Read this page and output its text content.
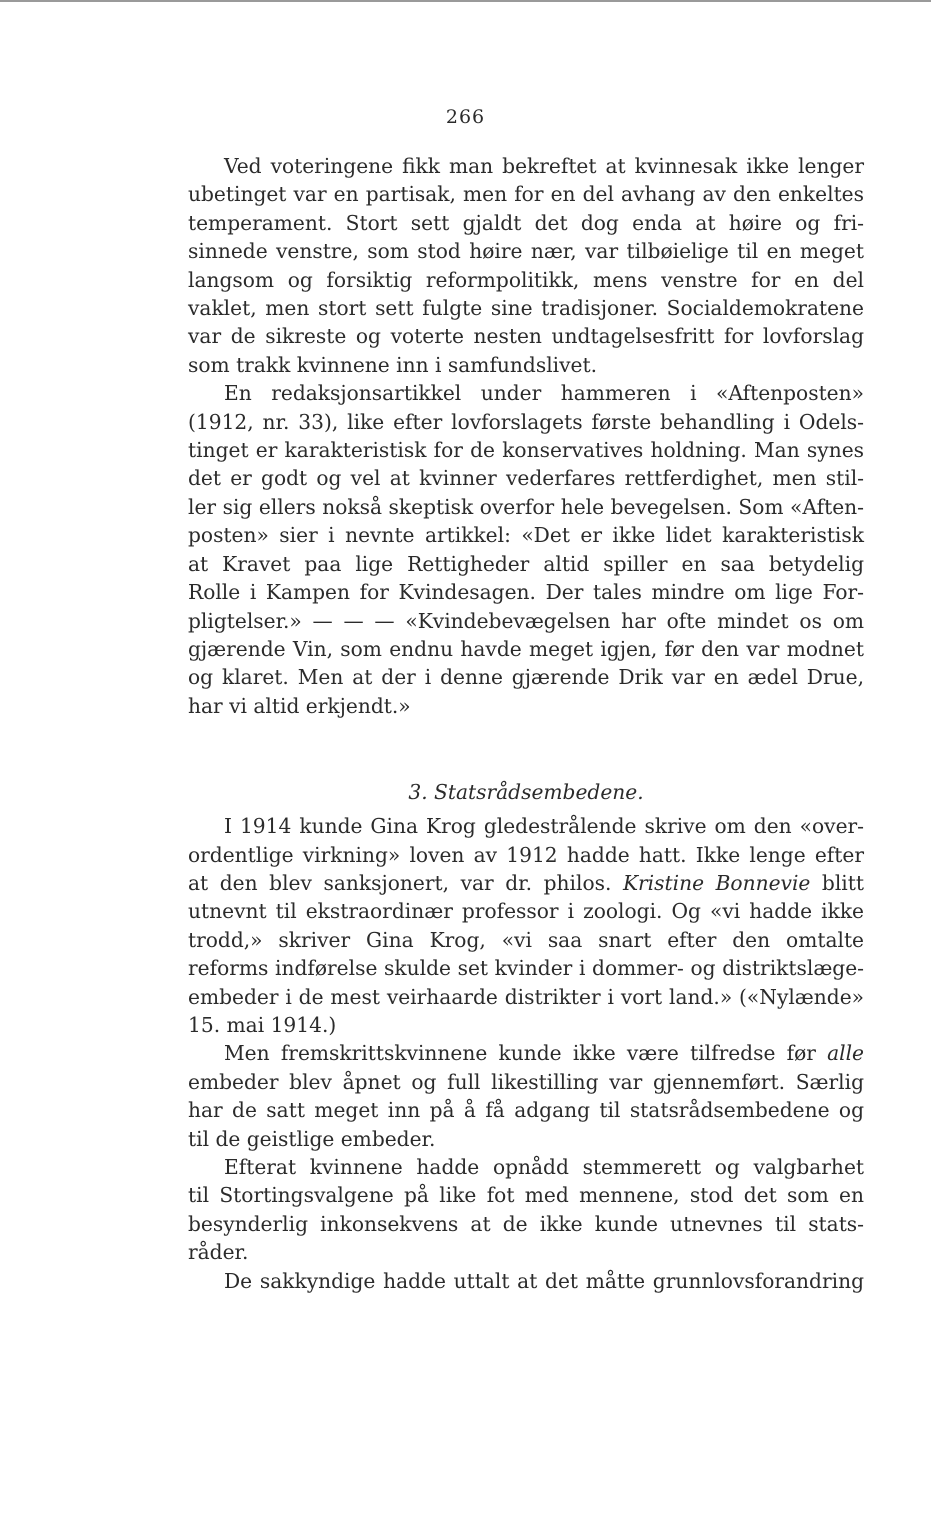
266

Ved voteringene fikk man bekreftet at kvinnesak ikke lenger

ubetinget var en partisak, men for en del avhang av den enkeltes

temperament. Stort sett gjaldt det dog enda at høire og fri-

sinnede venstre, som stod høire nær, var tilbøielige til en meget

langsom og forsiktig reformpolitikk, mens venstre for en del

vaklet, men stort sett fulgte sine tradisjoner. Socialdemokratene

var de sikreste og voterte nesten undtagelsesfritt for lovforslag

som trakk kvinnene inn i samfundslivet.

En redaksjonsartikkel under hammeren i «Aftenposten»

(1912, nr. 33), like efter lovforslagets første behandling i Odels-

tinget er karakteristisk for de konservatives holdning. Man synes

det er godt og vel at kvinner vederfares rettferdighet, men stil-

ler sig ellers nokså skeptisk overfor hele bevegelsen. Som «Aften-

posten» sier i nevnte artikkel: «Det er ikke lidet karakteristisk

at Kravet paa lige Rettigheder altid spiller en saa betydelig

Rolle i Kampen for Kvindesagen. Der tales mindre om lige For-

pligtelser.» — — — «Kvindebevægelsen har ofte mindet os om

gjærende Vin, som endnu havde meget igjen, før den var modnet

og klaret. Men at der i denne gjærende Drik var en ædel Drue,

har vi altid erkjendt.»

3. Statsrådsembedene.

I 1914 kunde Gina Krog gledestrålende skrive om den «over-

ordentlige virkning» loven av 1912 hadde hatt. Ikke lenge efter

at den blev sanksjonert, var dr. philos. Kristine Bonnevie blitt

utnevnt til ekstraordinær professor i zoologi. Og «vi hadde ikke

trodd,» skriver Gina Krog, «vi saa snart efter den omtalte

reforms indførelse skulde set kvinder i dommer- og distriktslæge-

embeder i de mest veirhaarde distrikter i vort land.» («Nylænde»

15. mai 1914.)

Men fremskrittskvinnene kunde ikke være tilfredse før alle

embeder blev åpnet og full likestilling var gjennemført. Særlig

har de satt meget inn på å få adgang til statsrådsembedene og

til de geistlige embeder.

Efterat kvinnene hadde opnådd stemmerett og valgbarhet

til Stortingsvalgene på like fot med mennene, stod det som en

besynderlig inkonsekvens at de ikke kunde utnevnes til stats-

råder.

De sakkyndige hadde uttalt at det måtte grunnlovsforandring
